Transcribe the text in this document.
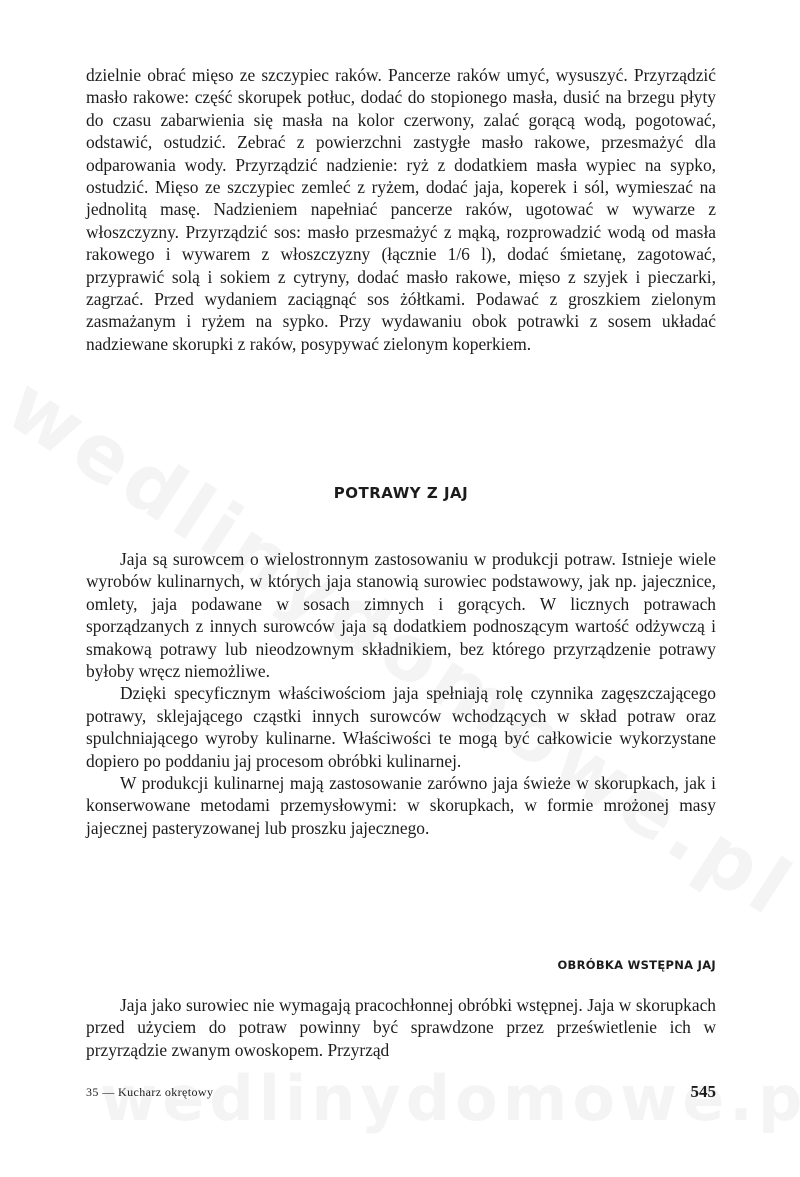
dzielnie obrać mięso ze szczypiec raków. Pancerze raków umyć, wysuszyć. Przyrządzić masło rakowe: część skorupek potłuc, dodać do stopionego masła, dusić na brzegu płyty do czasu zabarwienia się masła na kolor czerwony, zalać gorącą wodą, pogotować, odstawić, ostudzić. Zebrać z powierzchni zastygłe masło rakowe, przesmażyć dla odparowania wody. Przyrządzić nadzienie: ryż z dodatkiem masła wypiec na sypko, ostudzić. Mięso ze szczypiec zemleć z ryżem, dodać jaja, koperek i sól, wymieszać na jednolitą masę. Nadzieniem napełniać pancerze raków, ugotować w wywarze z włoszczyzny. Przyrządzić sos: masło przesmażyć z mąką, rozprowadzić wodą od masła rakowego i wywarem z włoszczyzny (łącznie 1/6 l), dodać śmietanę, zagotować, przyprawić solą i sokiem z cytryny, dodać masło rakowe, mięso z szyjek i pieczarki, zagrzać. Przed wydaniem zaciągnąć sos żółtkami. Podawać z groszkiem zielonym zasmażanym i ryżem na sypko. Przy wydawaniu obok potrawki z sosem układać nadziewane skorupki z raków, posypywać zielonym koperkiem.

POTRAWY Z JAJ

Jaja są surowcem o wielostronnym zastosowaniu w produkcji potraw. Istnieje wiele wyrobów kulinarnych, w których jaja stanowią surowiec podstawowy, jak np. jajecznice, omlety, jaja podawane w sosach zimnych i gorących. W licznych potrawach sporządzanych z innych surowców jaja są dodatkiem podnoszącym wartość odżywczą i smakową potrawy lub nieodzownym składnikiem, bez którego przyrządzenie potrawy byłoby wręcz niemożliwe.

Dzięki specyficznym właściwościom jaja spełniają rolę czynnika zagęszczającego potrawy, sklejającego cząstki innych surowców wchodzących w skład potraw oraz spulchniającego wyroby kulinarne. Właściwości te mogą być całkowicie wykorzystane dopiero po poddaniu jaj procesom obróbki kulinarnej.

W produkcji kulinarnej mają zastosowanie zarówno jaja świeże w skorupkach, jak i konserwowane metodami przemysłowymi: w skorupkach, w formie mrożonej masy jajecznej pasteryzowanej lub proszku jajecznego.

OBRÓBKA WSTĘPNA JAJ

Jaja jako surowiec nie wymagają pracochłonnej obróbki wstępnej. Jaja w skorupkach przed użyciem do potraw powinny być sprawdzone przez prześwietlenie ich w przyrządzie zwanym owoskopem. Przyrząd

35 — Kucharz okrętowy	545
